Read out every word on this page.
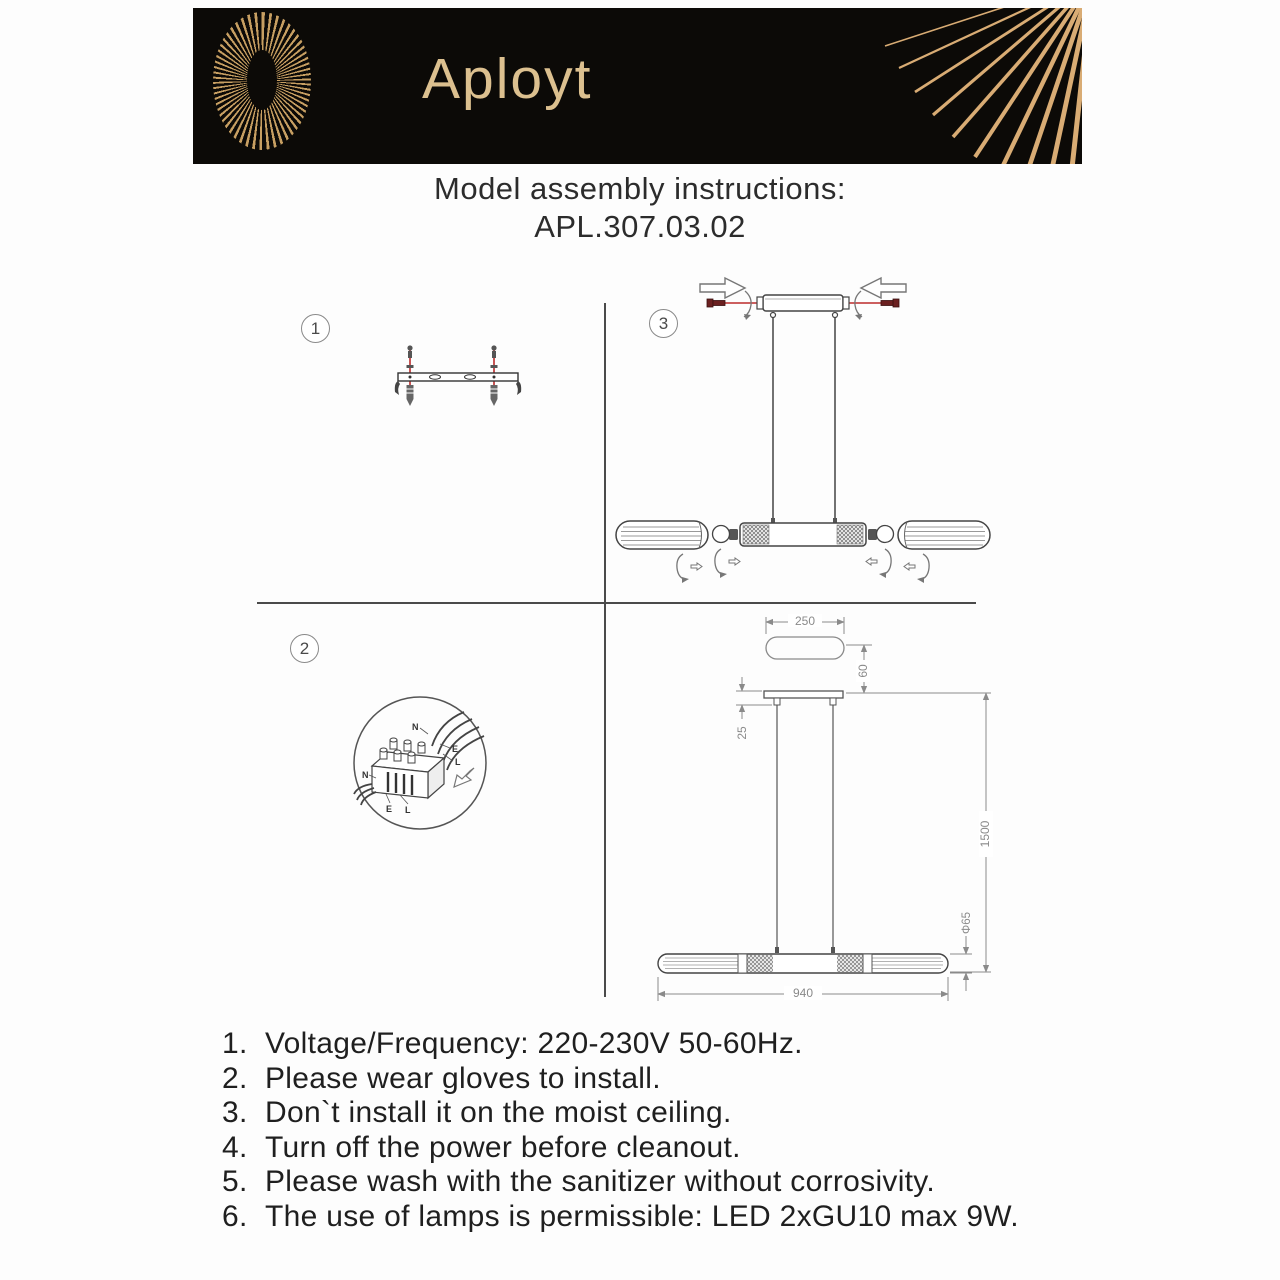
Aployt
Model assembly instructions:
APL.307.03.02
1
2
3
N
E
L
N
E L
250
60
25
1500
Φ65
940
1. Voltage/Frequency: 220-230V 50-60Hz.
2. Please wear gloves to install.
3. Don`t install it on the moist ceiling.
4. Turn off the power before cleanout.
5. Please wash with the sanitizer without corrosivity.
6. The use of lamps is permissible: LED 2xGU10 max 9W.
